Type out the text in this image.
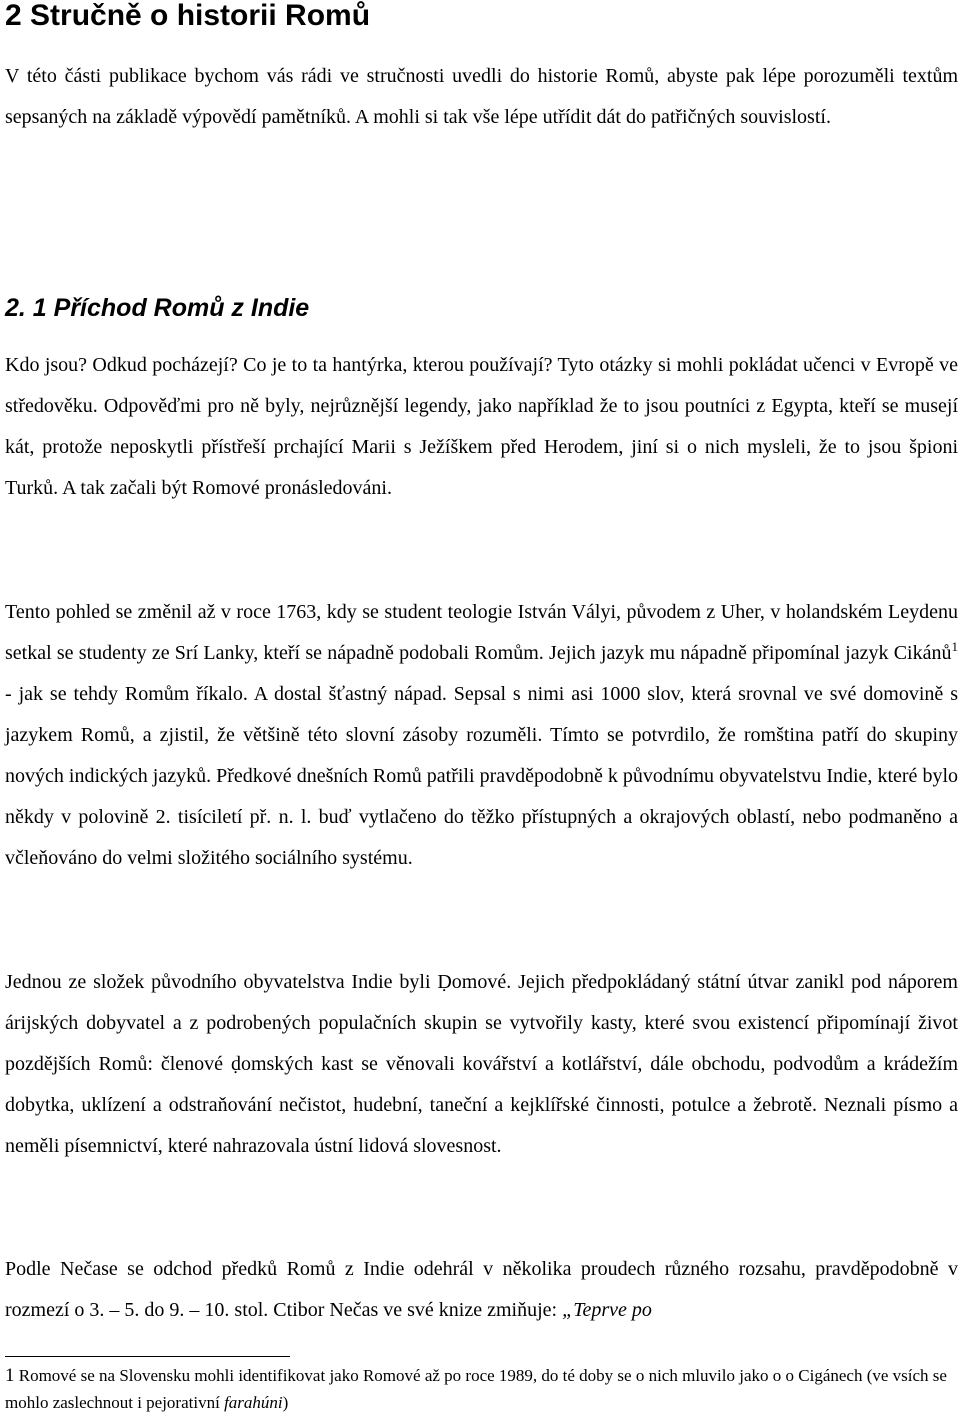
2 Stručně o historii Romů

V této části publikace bychom vás rádi ve stručnosti uvedli do historie Romů, abyste pak lépe porozuměli textům sepsaných na základě výpovědí pamětníků. A mohli si tak vše lépe utřídit dát do patřičných souvislostí.

2. 1 Příchod Romů z Indie

Kdo jsou? Odkud pocházejí? Co je to ta hantýrka, kterou používají? Tyto otázky si mohli pokládat učenci v Evropě ve středověku. Odpověďmi pro ně byly, nejrůznější legendy, jako například že to jsou poutníci z Egypta, kteří se musejí kát, protože neposkytli přístřeší prchající Marii s Ježíškem před Herodem, jiní si o nich mysleli, že to jsou špioni Turků. A tak začali být Romové pronásledováni.

Tento pohled se změnil až v roce 1763, kdy se student teologie István Vályi, původem z Uher, v holandském Leydenu setkal se studenty ze Srí Lanky, kteří se nápadně podobali Romům. Jejich jazyk mu nápadně připomínal jazyk Cikánů$^1$ - jak se tehdy Romům říkalo. A dostal šťastný nápad. Sepsal s nimi asi 1000 slov, která srovnal ve své domovině s jazykem Romů, a zjistil, že většině této slovní zásoby rozuměli. Tímto se potvrdilo, že romština patří do skupiny nových indických jazyků. Předkové dnešních Romů patřili pravděpodobně k původnímu obyvatelstvu Indie, které bylo někdy v polovině 2. tisíciletí př. n. l. buď vytlačeno do těžko přístupných a okrajových oblastí, nebo podmaněno a včleňováno do velmi složitého sociálního systému.

Jednou ze složek původního obyvatelstva Indie byli Ḍomové. Jejich předpokládaný státní útvar zanikl pod náporem árijských dobyvatel a z podrobených populačních skupin se vytvořily kasty, které svou existencí připomínají život pozdějších Romů: členové ḍomských kast se věnovali kovářství a kotlářství, dále obchodu, podvodům a krádežím dobytka, uklízení a odstraňování nečistot, hudební, taneční a kejklířské činnosti, potulce a žebrotě. Neznali písmo a neměli písemnictví, které nahrazovala ústní lidová slovesnost.

Podle Nečase se odchod předků Romů z Indie odehrál v několika proudech různého rozsahu, pravděpodobně v rozmezí o 3. – 5. do 9. – 10. stol. Ctibor Nečas ve své knize zmiňuje: „Teprve po

1 Romové se na Slovensku mohli identifikovat jako Romové až po roce 1989, do té doby se o nich mluvilo jako o o Cigánech (ve vsích se mohlo zaslechnout i pejorativní farahúni)
